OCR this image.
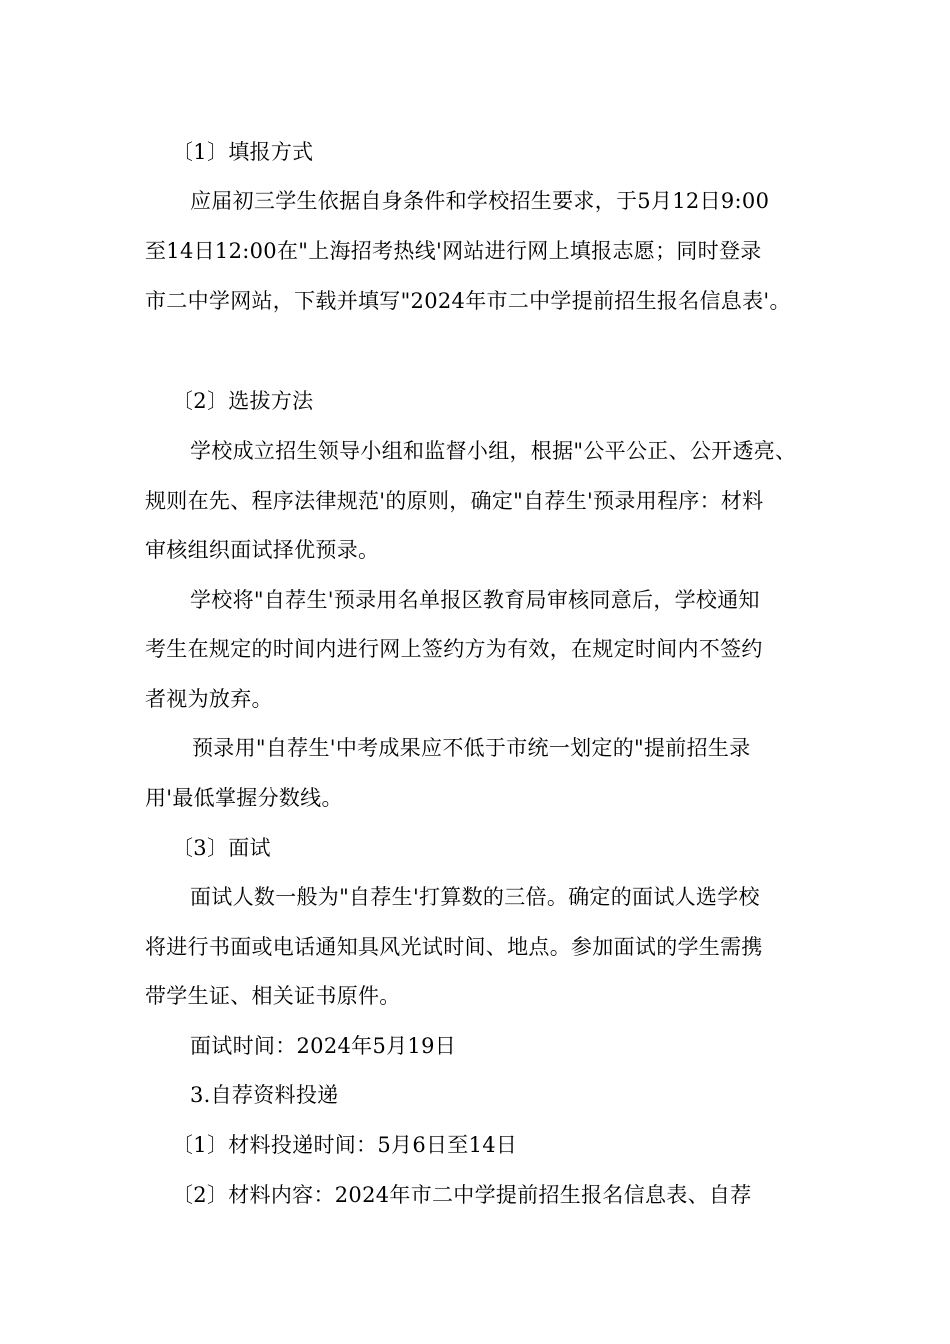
〔1〕填报方式
应届初三学生依据自身条件和学校招生要求，于5月12日9:00
至14日12:00在"上海招考热线'网站进行网上填报志愿；同时登录
市二中学网站，下载并填写"2024年市二中学提前招生报名信息表'。
〔2〕选拔方法
学校成立招生领导小组和监督小组，根据"公平公正、公开透亮、
规则在先、程序法律规范'的原则，确定"自荐生'预录用程序：材料
审核组织面试择优预录。
学校将"自荐生'预录用名单报区教育局审核同意后，学校通知
考生在规定的时间内进行网上签约方为有效，在规定时间内不签约
者视为放弃。
预录用"自荐生'中考成果应不低于市统一划定的"提前招生录
用'最低掌握分数线。
〔3〕面试
面试人数一般为"自荐生'打算数的三倍。确定的面试人选学校
将进行书面或电话通知具风光试时间、地点。参加面试的学生需携
带学生证、相关证书原件。
面试时间：2024年5月19日
3.自荐资料投递
〔1〕材料投递时间：5月6日至14日
〔2〕材料内容：2024年市二中学提前招生报名信息表、自荐
